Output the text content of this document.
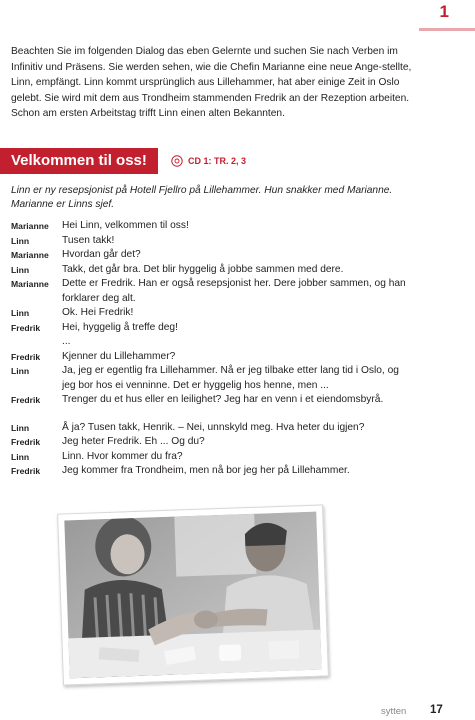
1

Beachten Sie im folgenden Dialog das eben Gelernte und suchen Sie nach Verben im Infinitiv und Präsens. Sie werden sehen, wie die Chefin Marianne eine neue Ange-stellte, Linn, empfängt. Linn kommt ursprünglich aus Lillehammer, hat aber einige Zeit in Oslo gelebt. Sie wird mit dem aus Trondheim stammenden Fredrik an der Rezeption arbeiten. Schon am ersten Arbeitstag trifft Linn einen alten Bekannten.

Velkommen til oss!	CD 1: TR. 2, 3

Linn er ny resepsjonist på Hotell Fjellro på Lillehammer. Hun snakker med Marianne. Marianne er Linns sjef.

Marianne	Hei Linn, velkommen til oss!
Linn	Tusen takk!
Marianne	Hvordan går det?
Linn	Takk, det går bra. Det blir hyggelig å jobbe sammen med dere.
Marianne	Dette er Fredrik. Han er også resepsjonist her. Dere jobber sammen, og han forklarer deg alt.
Linn	Ok. Hei Fredrik!
Fredrik	Hei, hyggelig å treffe deg!
...
Fredrik	Kjenner du Lillehammer?
Linn	Ja, jeg er egentlig fra Lillehammer. Nå er jeg tilbake etter lang tid i Oslo, og jeg bor hos ei venninne. Det er hyggelig hos henne, men ...
Fredrik	Trenger du et hus eller en leilighet? Jeg har en venn i et eiendomsbyrå.
Linn	Å ja? Tusen takk, Henrik. – Nei, unnskyld meg. Hva heter du igjen?
Fredrik	Jeg heter Fredrik. Eh ... Og du?
Linn	Linn. Hvor kommer du fra?
Fredrik	Jeg kommer fra Trondheim, men nå bor jeg her på Lillehammer.
sytten 17
